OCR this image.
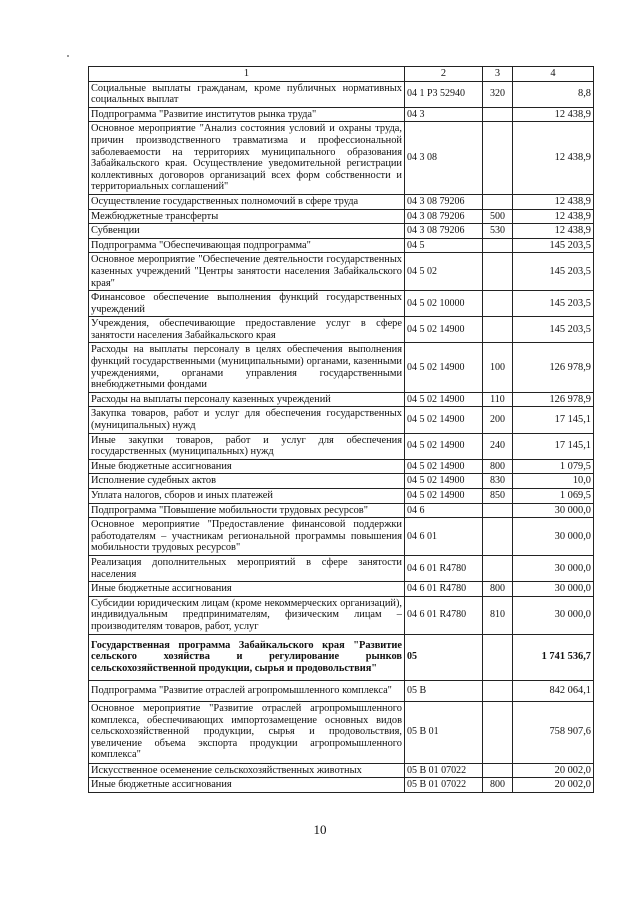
1	2	3	4
Социальные выплаты гражданам, кроме публичных нормативных социальных выплат	04 1 P3 52940	320	8,8
Подпрограмма "Развитие институтов рынка труда"	04 3		12 438,9
Основное мероприятие "Анализ состояния условий и охраны труда, причин производственного травматизма и профессиональной заболеваемости на территориях муниципального образования Забайкальского края. Осуществление уведомительной регистрации коллективных договоров организаций всех форм собственности и территориальных соглашений"	04 3 08		12 438,9
Осуществление государственных полномочий в сфере труда	04 3 08 79206		12 438,9
Межбюджетные трансферты	04 3 08 79206	500	12 438,9
Субвенции	04 3 08 79206	530	12 438,9
Подпрограмма "Обеспечивающая подпрограмма"	04 5		145 203,5
Основное мероприятие "Обеспечение деятельности государственных казенных учреждений "Центры занятости населения Забайкальского края"	04 5 02		145 203,5
Финансовое обеспечение выполнения функций государственных учреждений	04 5 02 10000		145 203,5
Учреждения, обеспечивающие предоставление услуг в сфере занятости населения Забайкальского края	04 5 02 14900		145 203,5
Расходы на выплаты персоналу в целях обеспечения выполнения функций государственными (муниципальными) органами, казенными учреждениями, органами управления государственными внебюджетными фондами	04 5 02 14900	100	126 978,9
Расходы на выплаты персоналу казенных учреждений	04 5 02 14900	110	126 978,9
Закупка товаров, работ и услуг для обеспечения государственных (муниципальных) нужд	04 5 02 14900	200	17 145,1
Иные закупки товаров, работ и услуг для обеспечения государственных (муниципальных) нужд	04 5 02 14900	240	17 145,1
Иные бюджетные ассигнования	04 5 02 14900	800	1 079,5
Исполнение судебных актов	04 5 02 14900	830	10,0
Уплата налогов, сборов и иных платежей	04 5 02 14900	850	1 069,5
Подпрограмма "Повышение мобильности трудовых ресурсов"	04 6		30 000,0
Основное мероприятие "Предоставление финансовой поддержки работодателям – участникам региональной программы повышения мобильности трудовых ресурсов"	04 6 01		30 000,0
Реализация дополнительных мероприятий в сфере занятости населения	04 6 01 R4780		30 000,0
Иные бюджетные ассигнования	04 6 01 R4780	800	30 000,0
Субсидии юридическим лицам (кроме некоммерческих организаций), индивидуальным предпринимателям, физическим лицам – производителям товаров, работ, услуг	04 6 01 R4780	810	30 000,0
Государственная программа Забайкальского края "Развитие сельского хозяйства и регулирование рынков сельскохозяйственной продукции, сырья и продовольствия"	05		1 741 536,7
Подпрограмма "Развитие отраслей агропромышленного комплекса"	05 В		842 064,1
Основное мероприятие "Развитие отраслей агропромышленного комплекса, обеспечивающих импортозамещение основных видов сельскохозяйственной продукции, сырья и продовольствия, увеличение объема экспорта продукции агропромышленного комплекса"	05 В 01		758 907,6
Искусственное осеменение сельскохозяйственных животных	05 В 01 07022		20 002,0
Иные бюджетные ассигнования	05 В 01 07022	800	20 002,0
10
